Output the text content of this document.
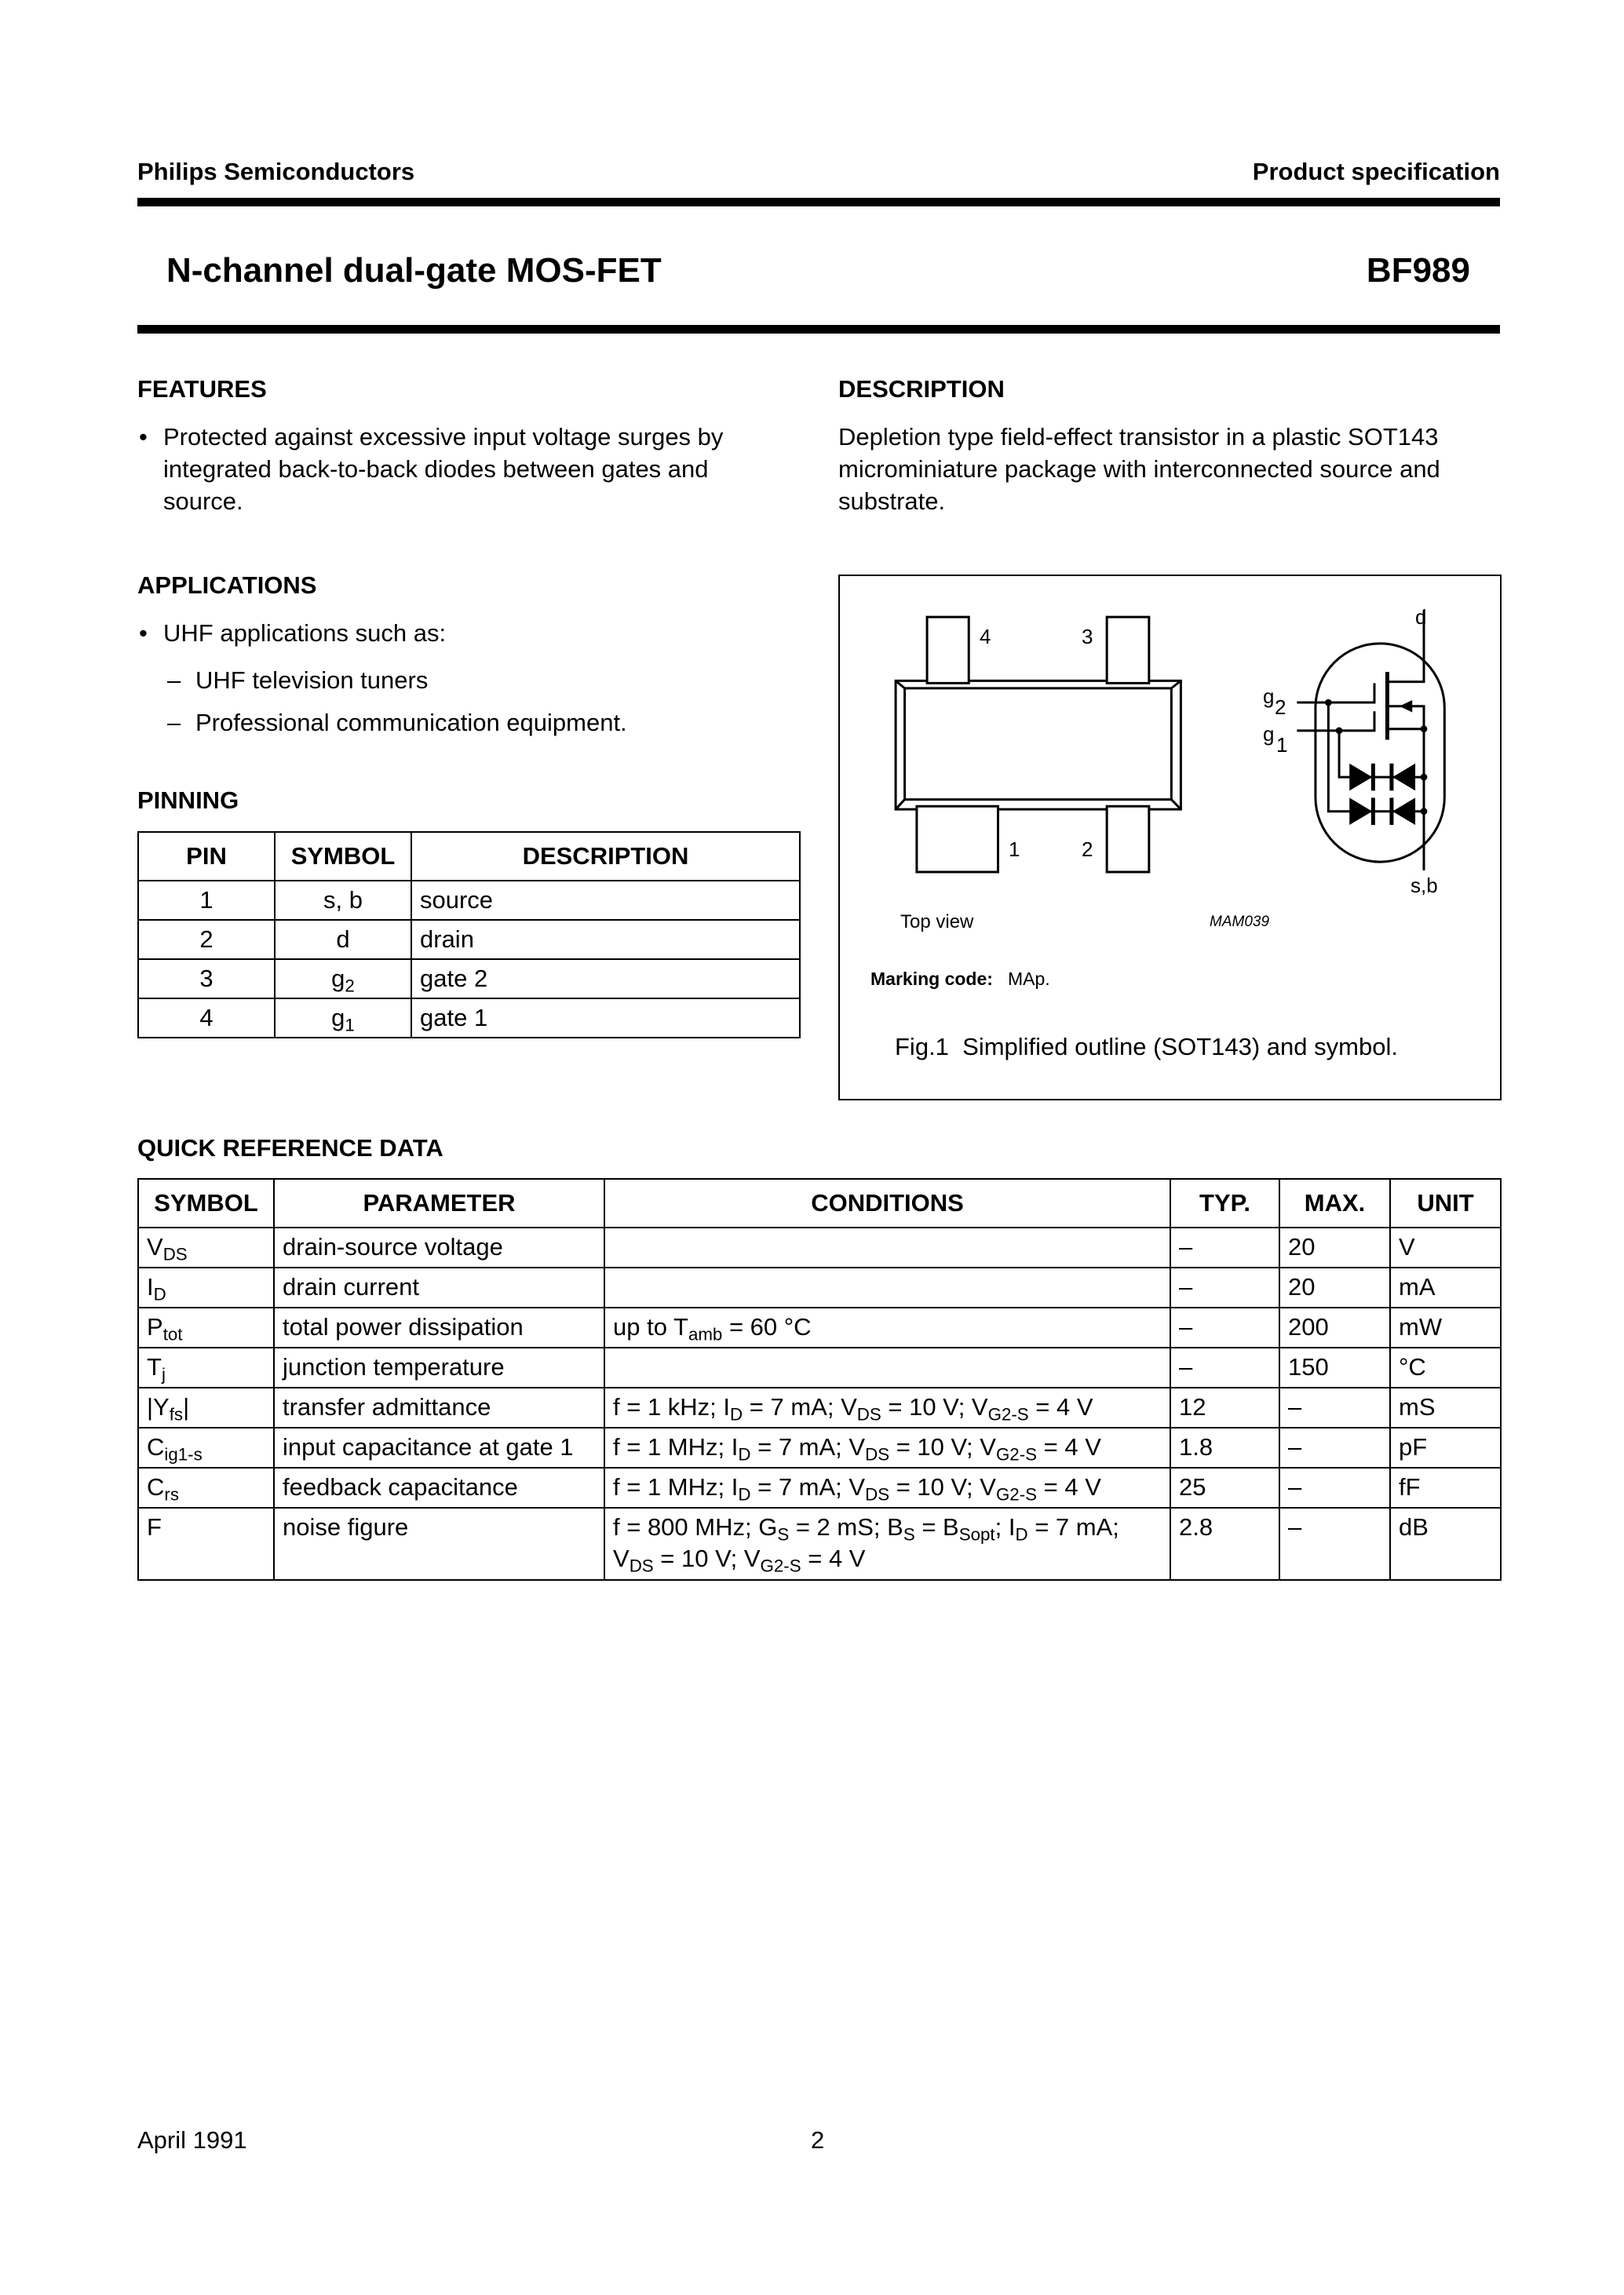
Philips Semiconductors	Product specification
N-channel dual-gate MOS-FET	BF989
FEATURES
• Protected against excessive input voltage surges by integrated back-to-back diodes between gates and source.
DESCRIPTION
Depletion type field-effect transistor in a plastic SOT143 microminiature package with interconnected source and substrate.
APPLICATIONS
• UHF applications such as:
– UHF television tuners
– Professional communication equipment.
PINNING
PIN	SYMBOL	DESCRIPTION
1	s, b	source
2	d	drain
3	$g_2$	gate 2
4	$g_1$	gate 1
4	3
1	2
d
g 2
g 1
s,b
Top view	MAM039
Marking code: MAp.
Fig.1  Simplified outline (SOT143) and symbol.
QUICK REFERENCE DATA
SYMBOL	PARAMETER	CONDITIONS	TYP.	MAX.	UNIT
$V_{DS}$	drain-source voltage		–	20	V
$I_D$	drain current		–	20	mA
$P_{tot}$	total power dissipation	up to $T_{amb} = 60$ °C	–	200	mW
$T_j$	junction temperature		–	150	°C
$|Y_{fs}|$	transfer admittance	f = 1 kHz; $I_D = 7$ mA; $V_{DS} = 10$ V; $V_{G2-S} = 4$ V	12	–	mS
$C_{ig1-s}$	input capacitance at gate 1	f = 1 MHz; $I_D = 7$ mA; $V_{DS} = 10$ V; $V_{G2-S} = 4$ V	1.8	–	pF
$C_{rs}$	feedback capacitance	f = 1 MHz; $I_D = 7$ mA; $V_{DS} = 10$ V; $V_{G2-S} = 4$ V	25	–	fF
F	noise figure	f = 800 MHz; $G_S = 2$ mS; $B_S = B_{Sopt}$; $I_D = 7$ mA;
$V_{DS} = 10$ V; $V_{G2-S} = 4$ V	2.8	–	dB
April 1991	2
